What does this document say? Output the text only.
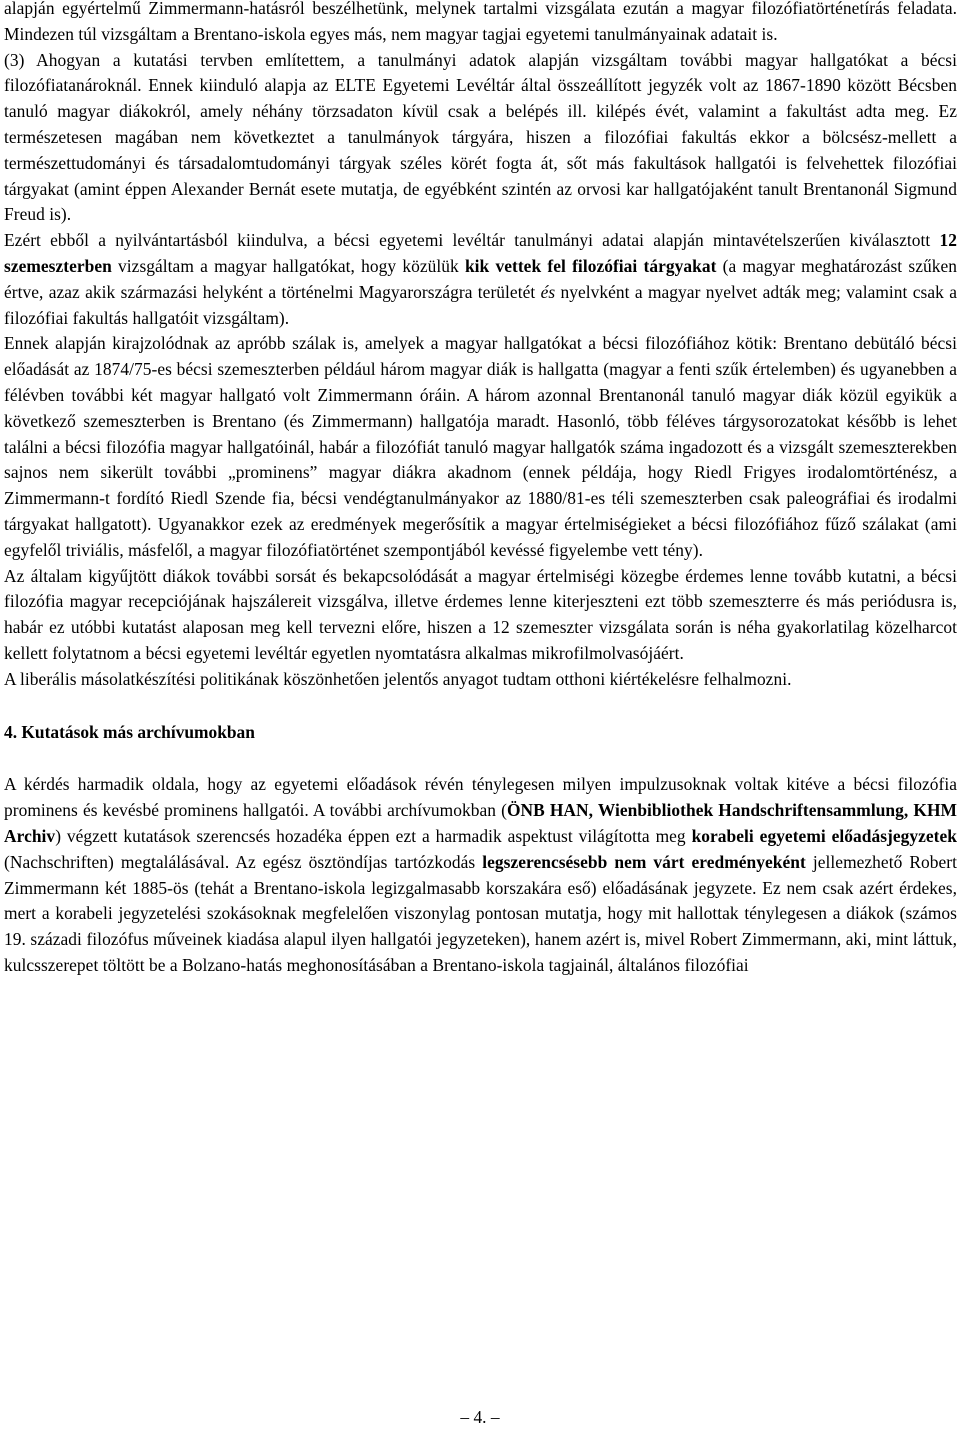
alapján egyértelmű Zimmermann-hatásról beszélhetünk, melynek tartalmi vizsgálata ezután a magyar filozófiatörténetírás feladata. Mindezen túl vizsgáltam a Brentano-iskola egyes más, nem magyar tagjai egyetemi tanulmányainak adatait is.

(3) Ahogyan a kutatási tervben említettem, a tanulmányi adatok alapján vizsgáltam további magyar hallgatókat a bécsi filozófiatanároknál. Ennek kiinduló alapja az ELTE Egyetemi Levéltár által összeállított jegyzék volt az 1867-1890 között Bécsben tanuló magyar diákokról, amely néhány törzsadaton kívül csak a belépés ill. kilépés évét, valamint a fakultást adta meg. Ez természetesen magában nem következtet a tanulmányok tárgyára, hiszen a filozófiai fakultás ekkor a bölcsész-mellett a természettudományi és társadalomtudományi tárgyak széles körét fogta át, sőt más fakultások hallgatói is felvehettek filozófiai tárgyakat (amint éppen Alexander Bernát esete mutatja, de egyébként szintén az orvosi kar hallgatójaként tanult Brentanonál Sigmund Freud is).

Ezért ebből a nyilvántartásból kiindulva, a bécsi egyetemi levéltár tanulmányi adatai alapján mintavételszerűen kiválasztott 12 szemeszterben vizsgáltam a magyar hallgatókat, hogy közülük kik vettek fel filozófiai tárgyakat (a magyar meghatározást szűken értve, azaz akik származási helyként a történelmi Magyarországra területét és nyelvként a magyar nyelvet adták meg; valamint csak a filozófiai fakultás hallgatóit vizsgáltam).

Ennek alapján kirajzolódnak az apróbb szálak is, amelyek a magyar hallgatókat a bécsi filozófiához kötik: Brentano debütáló bécsi előadását az 1874/75-es bécsi szemeszterben például három magyar diák is hallgatta (magyar a fenti szűk értelemben) és ugyanebben a félévben további két magyar hallgató volt Zimmermann óráin. A három azonnal Brentanonál tanuló magyar diák közül egyikük a következő szemeszterben is Brentano (és Zimmermann) hallgatója maradt. Hasonló, több féléves tárgysorozatokat később is lehet találni a bécsi filozófia magyar hallgatóinál, habár a filozófiát tanuló magyar hallgatók száma ingadozott és a vizsgált szemeszterekben sajnos nem sikerült további „prominens” magyar diákra akadnom (ennek példája, hogy Riedl Frigyes irodalomtörténész, a Zimmermann-t fordító Riedl Szende fia, bécsi vendégtanulmányakor az 1880/81-es téli szemeszterben csak paleográfiai és irodalmi tárgyakat hallgatott). Ugyanakkor ezek az eredmények megerősítik a magyar értelmiségieket a bécsi filozófiához fűző szálakat (ami egyfelől triviális, másfelől, a magyar filozófiatörténet szempontjából kevéssé figyelembe vett tény).

Az általam kigyűjtött diákok további sorsát és bekapcsolódását a magyar értelmiségi közegbe érdemes lenne tovább kutatni, a bécsi filozófia magyar recepciójának hajszálereit vizsgálva, illetve érdemes lenne kiterjeszteni ezt több szemeszterre és más periódusra is, habár ez utóbbi kutatást alaposan meg kell tervezni előre, hiszen a 12 szemeszter vizsgálata során is néha gyakorlatilag közelharcot kellett folytatnom a bécsi egyetemi levéltár egyetlen nyomtatásra alkalmas mikrofilmolvasójáért.

A liberális másolatkészítési politikának köszönhetően jelentős anyagot tudtam otthoni kiértékelésre felhalmozni.

4. Kutatások más archívumokban

A kérdés harmadik oldala, hogy az egyetemi előadások révén ténylegesen milyen impulzusoknak voltak kitéve a bécsi filozófia prominens és kevésbé prominens hallgatói. A további archívumokban (ÖNB HAN, Wienbibliothek Handschriftensammlung, KHM Archiv) végzett kutatások szerencsés hozadéka éppen ezt a harmadik aspektust világította meg korabeli egyetemi előadásjegyzetek (Nachschriften) megtalálásával. Az egész ösztöndíjas tartózkodás legszerencsésebb nem várt eredményeként jellemezhető Robert Zimmermann két 1885-ös (tehát a Brentano-iskola legizgalmasabb korszakára eső) előadásának jegyzete. Ez nem csak azért érdekes, mert a korabeli jegyzetelési szokásoknak megfelelően viszonylag pontosan mutatja, hogy mit hallottak ténylegesen a diákok (számos 19. századi filozófus műveinek kiadása alapul ilyen hallgatói jegyzeteken), hanem azért is, mivel Robert Zimmermann, aki, mint láttuk, kulcsszerepet töltött be a Bolzano-hatás meghonosításában a Brentano-iskola tagjainál, általános filozófiai

– 4. –
